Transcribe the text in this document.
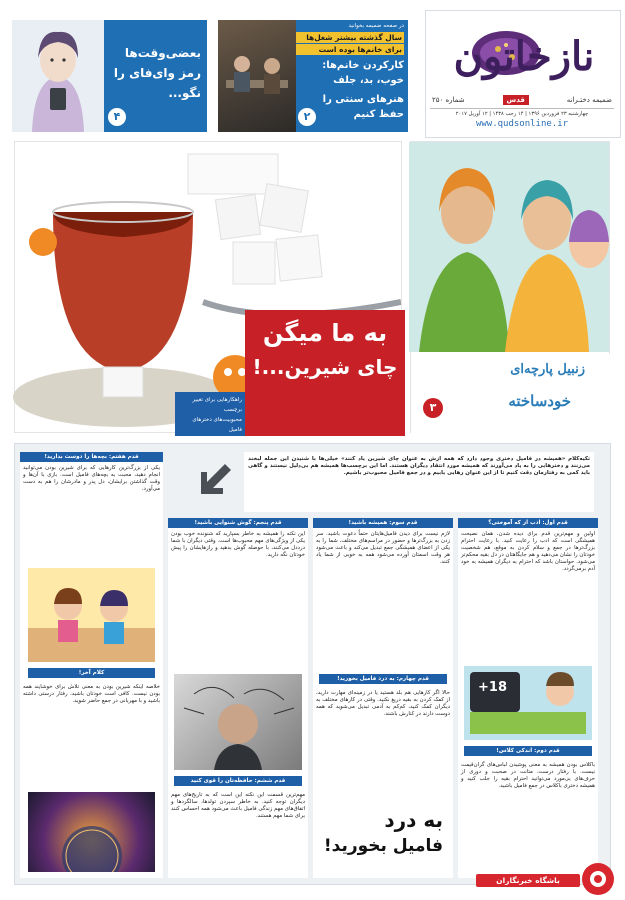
نازخاتون
ضمیمه دختـرانه
قدس
شماره ۲۵۰
چهارشنبه ۲۳ فروردین ۱۳۹۶ | ۱۴ رجب ۱۴۳۸ | ۱۲ آوریل ۲۰۱۷
www.qudsonline.ir
در صفحه ضمیمه بخوانید
سال گذشته بیشتر شغل‌ها
برای خانم‌ها بوده است
کارکردن خانم‌ها:
خوب، بد، جلف
هنرهای سنتی را
حفظ کنیم
۲
بعضی‌وقت‌ها
رمز وای‌فای را
نگو...
۴
به ما میگن
چای شیرین...!
راهکارهایی برای تغییر برچسب
محبوبیت‌های دخترهای فامیل
زنبیل پارچه‌ای
خودساخته
۳
تکیه‌کلام «همیشه در فامیل دختری وجود دارد که همه ازش به عنوان چای شیرین یاد کنند» خیلی‌ها با شنیدن این جمله لبخند می‌زنند و دخترهایی را به یاد می‌آورند که همیشه مورد انتقاد دیگران هستند. اما این برچسب‌ها همیشه هم بی‌دلیل نیستند و گاهی باید کمی به رفتارمان دقت کنیم تا از این عنوان رهایی یابیم و در جمع فامیل محبوب‌تر باشیم.
قدم اول: ادب از که آموختی؟
اولین و مهم‌ترین قدم برای دیده شدن، همان نصیحت همیشگی است که ادب را رعایت کنید. با رعایت احترام بزرگ‌ترها در جمع و سلام کردن به موقع، هم شخصیت خودتان را نشان می‌دهید و هم جایگاهتان در دل بقیه محکم‌تر می‌شود. حواستان باشد که احترام به دیگران همیشه به خود آدم برمی‌گردد.
+18
قدم دوم: اندکی کلاس!
باکلاس بودن همیشه به معنی پوشیدن لباس‌های گران‌قیمت نیست. با رفتار درست، متانت در صحبت و دوری از حرف‌های بی‌مورد می‌توانید احترام بقیه را جلب کنید و همیشه دختری باکلاس در جمع فامیل باشید.
قدم سوم: همیشه باشید!
لازم نیست برای دیدن فامیل‌هایتان حتماً دعوت باشید. سر زدن به بزرگ‌ترها و حضور در مراسم‌های مختلف، شما را به یکی از اعضای همیشگی جمع تبدیل می‌کند و باعث می‌شود هر وقت اسمتان آورده می‌شود همه به خوبی از شما یاد کنند.
قدم چهارم: به درد فامیل بخورید!
حالا اگر کارهایی هم بلد هستید یا در زمینه‌ای مهارت دارید، از کمک کردن به بقیه دریغ نکنید. وقتی در کارهای مختلف به دیگران کمک کنید، کم‌کم به آدمی تبدیل می‌شوید که همه دوست دارند در کنارش باشند.
به درد
فامیل بخورید!
قدم پنجم: گوش شنوایی باشید!
این نکته را همیشه به خاطر بسپارید که شنونده خوب بودن یکی از ویژگی‌های مهم محبوب‌ها است. وقتی دیگران با شما درددل می‌کنند، با حوصله گوش بدهید و رازهایشان را پیش خودتان نگه دارید.
قدم ششم: حافظه‌تان را قوی کنید
مهم‌ترین قسمت این نکته این است که به تاریخ‌های مهم دیگران توجه کنید. به خاطر سپردن تولدها، سالگردها و اتفاق‌های مهم زندگی فامیل باعث می‌شود همه احساس کنند برای شما مهم هستند.
قدم هفتم: بچه‌ها را دوست بدارید!
یکی از بزرگ‌ترین کارهایی که برای شیرین بودن می‌توانید انجام دهید، محبت به بچه‌های فامیل است. بازی با آن‌ها و وقت گذاشتن برایشان، دل پدر و مادرشان را هم به دست می‌آورد.
کلام آخر!
خلاصه اینکه شیرین بودن به معنی تلاش برای خوشایند همه بودن نیست. کافی است خودتان باشید، رفتار درستی داشته باشید و با مهربانی در جمع حاضر شوید.
باشگاه خبرنگاران
